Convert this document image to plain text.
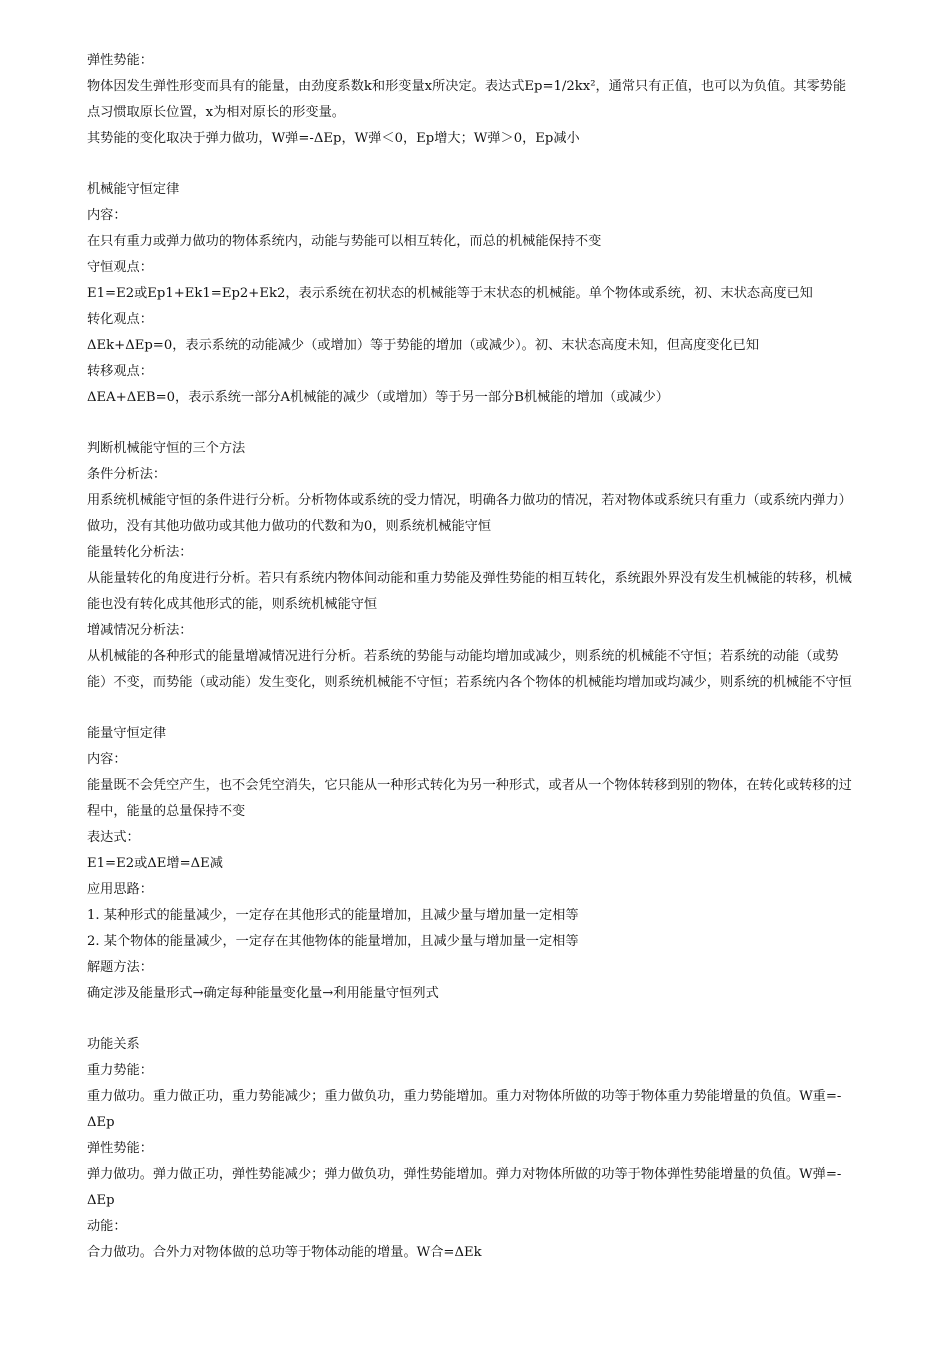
弹性势能：
物体因发生弹性形变而具有的能量，由劲度系数k和形变量x所决定。表达式Ep=1/2kx²，通常只有正值，也可以为负值。其零势能点习惯取原长位置，x为相对原长的形变量。
其势能的变化取决于弹力做功，W弹=-ΔEp，W弹＜0，Ep增大；W弹＞0，Ep减小
机械能守恒定律
内容：
在只有重力或弹力做功的物体系统内，动能与势能可以相互转化，而总的机械能保持不变
守恒观点：
E1=E2或Ep1+Ek1=Ep2+Ek2，表示系统在初状态的机械能等于末状态的机械能。单个物体或系统，初、末状态高度已知
转化观点：
ΔEk+ΔEp=0，表示系统的动能减少（或增加）等于势能的增加（或减少）。初、末状态高度未知，但高度变化已知
转移观点：
ΔEA+ΔEB=0，表示系统一部分A机械能的减少（或增加）等于另一部分B机械能的增加（或减少）
判断机械能守恒的三个方法
条件分析法：
用系统机械能守恒的条件进行分析。分析物体或系统的受力情况，明确各力做功的情况，若对物体或系统只有重力（或系统内弹力）做功，没有其他功做功或其他力做功的代数和为0，则系统机械能守恒
能量转化分析法：
从能量转化的角度进行分析。若只有系统内物体间动能和重力势能及弹性势能的相互转化，系统跟外界没有发生机械能的转移，机械能也没有转化成其他形式的能，则系统机械能守恒
增减情况分析法：
从机械能的各种形式的能量增减情况进行分析。若系统的势能与动能均增加或减少，则系统的机械能不守恒；若系统的动能（或势能）不变，而势能（或动能）发生变化，则系统机械能不守恒；若系统内各个物体的机械能均增加或均减少，则系统的机械能不守恒
能量守恒定律
内容：
能量既不会凭空产生，也不会凭空消失，它只能从一种形式转化为另一种形式，或者从一个物体转移到别的物体，在转化或转移的过程中，能量的总量保持不变
表达式：
E1=E2或ΔE增=ΔE减
应用思路：
1. 某种形式的能量减少，一定存在其他形式的能量增加，且减少量与增加量一定相等
2. 某个物体的能量减少，一定存在其他物体的能量增加，且减少量与增加量一定相等
解题方法：
确定涉及能量形式→确定每种能量变化量→利用能量守恒列式
功能关系
重力势能：
重力做功。重力做正功，重力势能减少；重力做负功，重力势能增加。重力对物体所做的功等于物体重力势能增量的负值。W重=-ΔEp
弹性势能：
弹力做功。弹力做正功，弹性势能减少；弹力做负功，弹性势能增加。弹力对物体所做的功等于物体弹性势能增量的负值。W弹=-ΔEp
动能：
合力做功。合外力对物体做的总功等于物体动能的增量。W合=ΔEk
